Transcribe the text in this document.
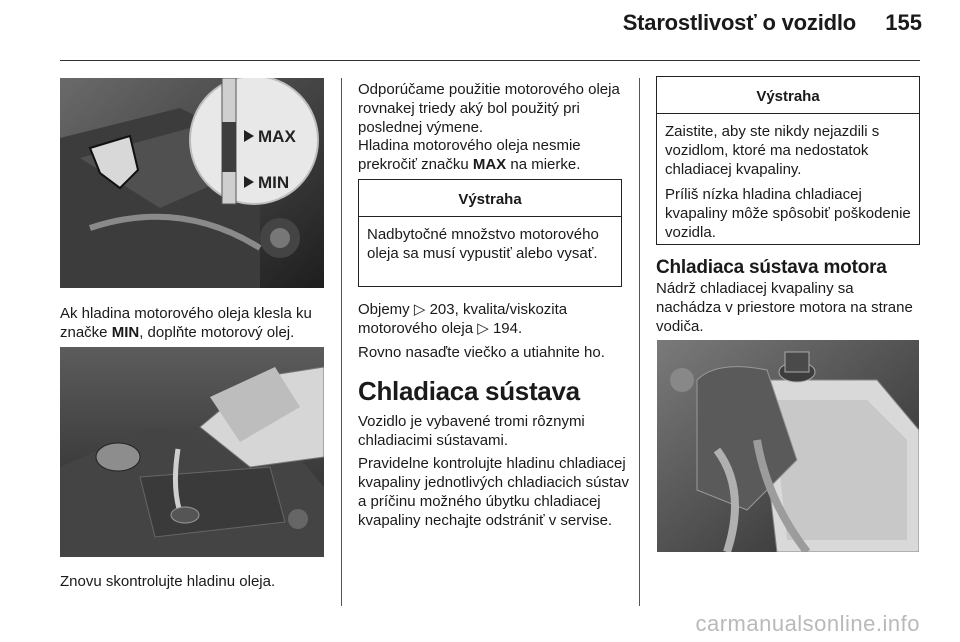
Starostlivosť o vozidlo 155
MAX
MIN
Ak hladina motorového oleja klesla ku značke MIN, doplňte motorový olej.
Znovu skontrolujte hladinu oleja.
Odporúčame použitie motorového oleja rovnakej triedy aký bol použitý pri poslednej výmene.
Hladina motorového oleja nesmie prekročiť značku MAX na mierke.
Výstraha
Nadbytočné množstvo motorového oleja sa musí vypustiť alebo vysať.
Objemy ▷ 203, kvalita/viskozita motorového oleja ▷ 194.
Rovno nasaďte viečko a utiahnite ho.
Chladiaca sústava
Vozidlo je vybavené tromi rôznymi chladiacimi sústavami.
Pravidelne kontrolujte hladinu chladiacej kvapaliny jednotlivých chladiacich sústav a príčinu možného úbytku chladiacej kvapaliny nechajte odstrániť v servise.
Výstraha

Zaistite, aby ste nikdy nejazdili s vozidlom, ktoré ma nedostatok chladiacej kvapaliny.

Príliš nízka hladina chladiacej kvapaliny môže spôsobiť poškodenie vozidla.

Chladiaca sústava motora
Nádrž chladiacej kvapaliny sa nachádza v priestore motora na strane vodiča.
carmanualsonline.info
